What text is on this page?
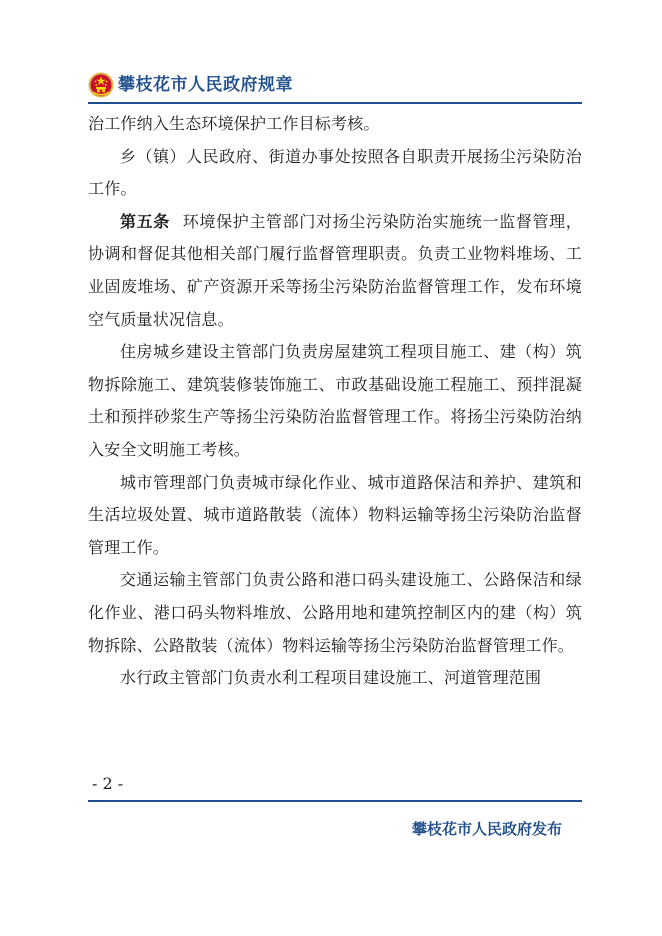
攀枝花市人民政府规章

治工作纳入生态环境保护工作目标考核。

乡（镇）人民政府、街道办事处按照各自职责开展扬尘污染防治工作。

第五条 环境保护主管部门对扬尘污染防治实施统一监督管理，协调和督促其他相关部门履行监督管理职责。负责工业物料堆场、工业固废堆场、矿产资源开采等扬尘污染防治监督管理工作，发布环境空气质量状况信息。

住房城乡建设主管部门负责房屋建筑工程项目施工、建（构）筑物拆除施工、建筑装修装饰施工、市政基础设施工程施工、预拌混凝土和预拌砂浆生产等扬尘污染防治监督管理工作。将扬尘污染防治纳入安全文明施工考核。

城市管理部门负责城市绿化作业、城市道路保洁和养护、建筑和生活垃圾处置、城市道路散装（流体）物料运输等扬尘污染防治监督管理工作。

交通运输主管部门负责公路和港口码头建设施工、公路保洁和绿化作业、港口码头物料堆放、公路用地和建筑控制区内的建（构）筑物拆除、公路散装（流体）物料运输等扬尘污染防治监督管理工作。

水行政主管部门负责水利工程项目建设施工、河道管理范围

- 2 -
攀枝花市人民政府发布
